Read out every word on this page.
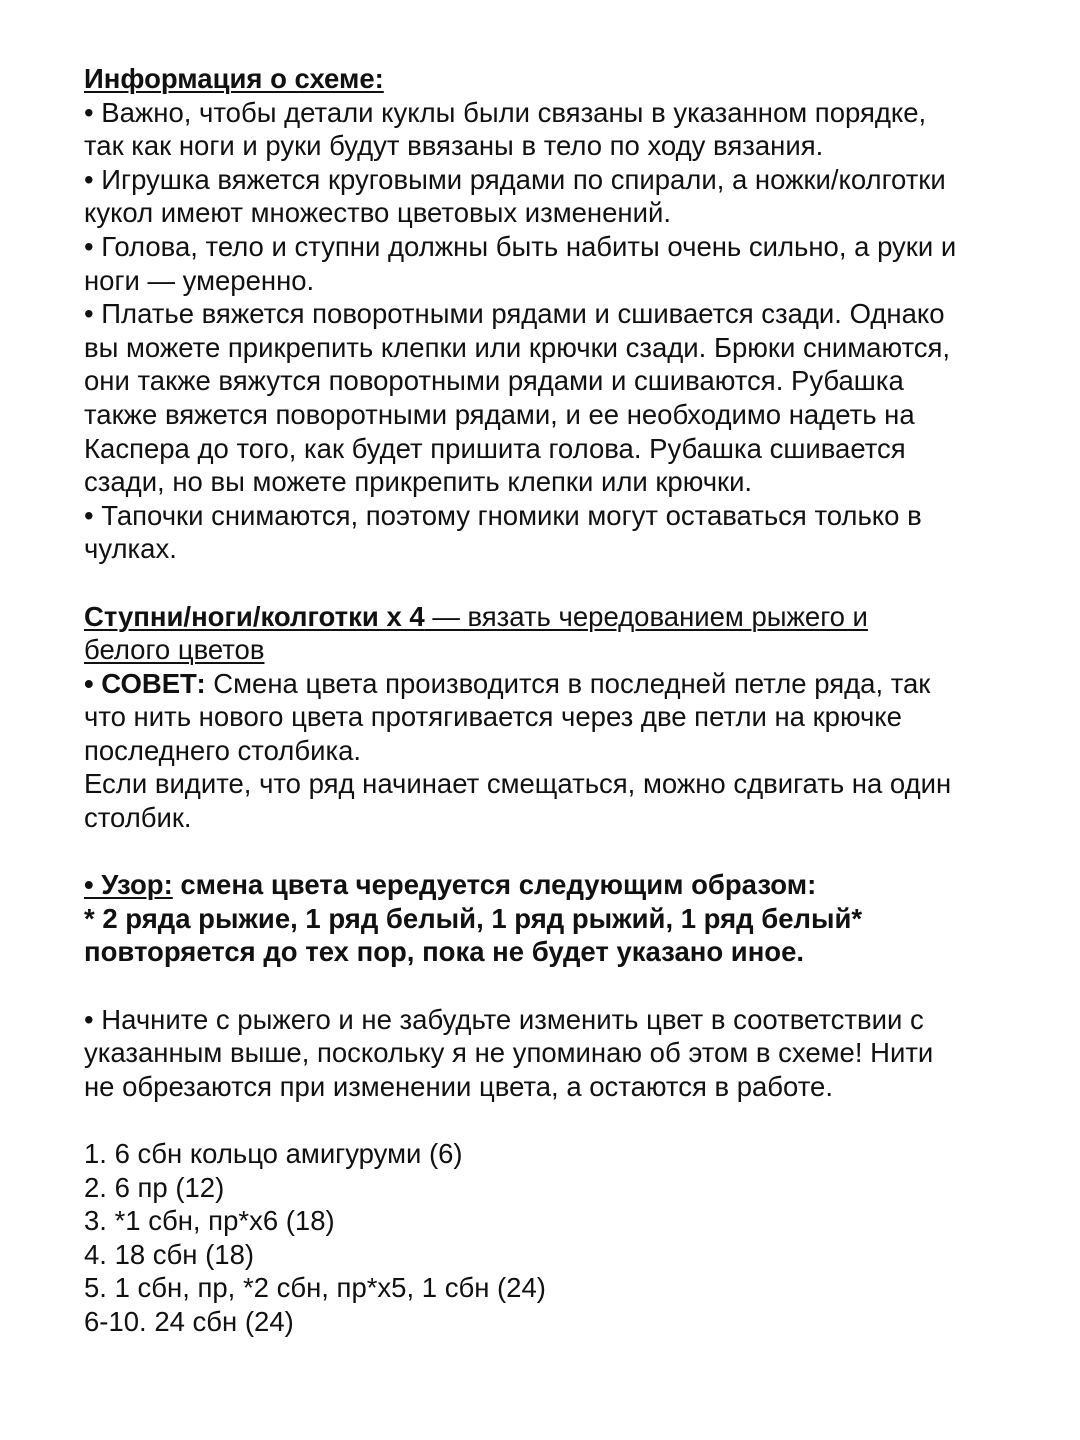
Информация о схеме:
• Важно, чтобы детали куклы были связаны в указанном порядке,
так как ноги и руки будут ввязаны в тело по ходу вязания.
• Игрушка вяжется круговыми рядами по спирали, а ножки/колготки
кукол имеют множество цветовых изменений.
• Голова, тело и ступни должны быть набиты очень сильно, а руки и
ноги — умеренно.
• Платье вяжется поворотными рядами и сшивается сзади. Однако
вы можете прикрепить клепки или крючки сзади. Брюки снимаются,
они также вяжутся поворотными рядами и сшиваются. Рубашка
также вяжется поворотными рядами, и ее необходимо надеть на
Каспера до того, как будет пришита голова. Рубашка сшивается
сзади, но вы можете прикрепить клепки или крючки.
• Тапочки снимаются, поэтому гномики могут оставаться только в
чулках.
Ступни/ноги/колготки х 4 — вязать чередованием рыжего и
белого цветов
• СОВЕТ: Смена цвета производится в последней петле ряда, так
что нить нового цвета протягивается через две петли на крючке
последнего столбика.
Если видите, что ряд начинает смещаться, можно сдвигать на один
столбик.
• Узор: смена цвета чередуется следующим образом:
* 2 ряда рыжие, 1 ряд белый, 1 ряд рыжий, 1 ряд белый*
повторяется до тех пор, пока не будет указано иное.
• Начните с рыжего и не забудьте изменить цвет в соответствии с
указанным выше, поскольку я не упоминаю об этом в схеме! Нити
не обрезаются при изменении цвета, а остаются в работе.
1. 6 сбн кольцо амигуруми (6)
2. 6 пр (12)
3. *1 сбн, пр*х6 (18)
4. 18 сбн (18)
5. 1 сбн, пр, *2 сбн, пр*х5, 1 сбн (24)
6-10. 24 сбн (24)
